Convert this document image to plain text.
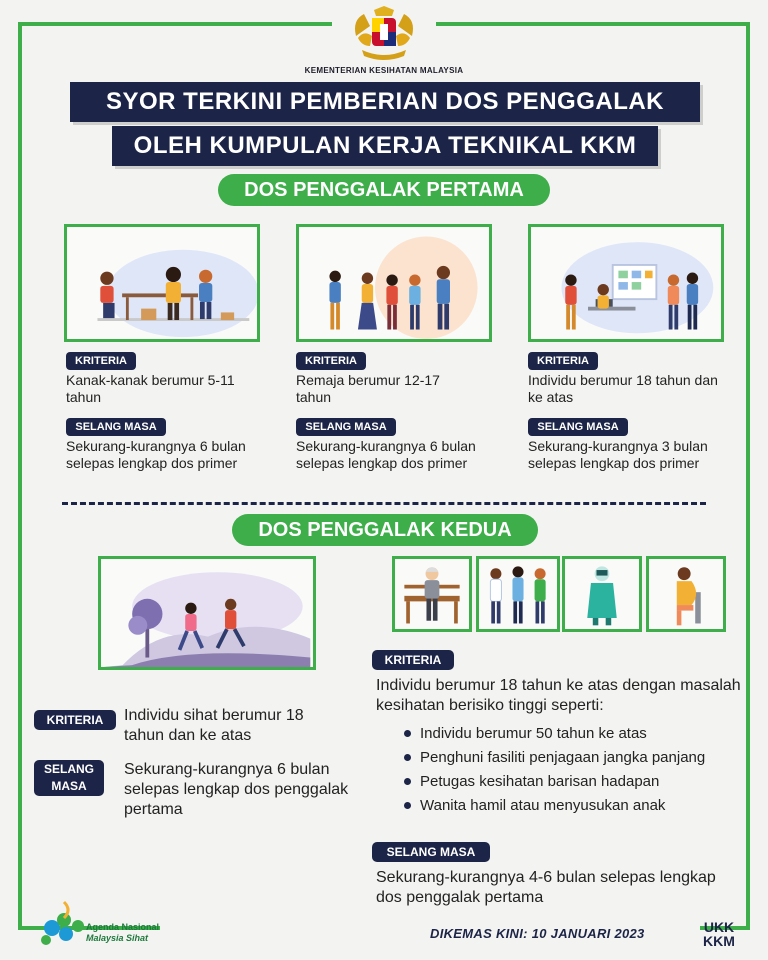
KEMENTERIAN KESIHATAN MALAYSIA
SYOR TERKINI PEMBERIAN DOS PENGGALAK
OLEH KUMPULAN KERJA TEKNIKAL KKM
DOS PENGGALAK PERTAMA
KRITERIA
Kanak-kanak berumur 5-11 tahun
SELANG MASA
Sekurang-kurangnya 6 bulan selepas lengkap dos primer
KRITERIA
Remaja berumur 12-17 tahun
SELANG MASA
Sekurang-kurangnya 6 bulan selepas lengkap dos primer
KRITERIA
Individu berumur 18 tahun dan ke atas
SELANG MASA
Sekurang-kurangnya 3 bulan selepas lengkap dos primer
DOS PENGGALAK KEDUA
KRITERIA	Individu sihat berumur 18 tahun dan ke atas
SELANG
MASA
Sekurang-kurangnya 6 bulan selepas lengkap dos penggalak pertama
KRITERIA
Individu berumur 18 tahun ke atas dengan masalah kesihatan berisiko tinggi seperti:
Individu berumur 50 tahun ke atas
Penghuni fasiliti penjagaan jangka panjang
Petugas kesihatan barisan hadapan
Wanita hamil atau menyusukan anak
SELANG MASA
Sekurang-kurangnya 4-6 bulan selepas lengkap dos penggalak pertama
Agenda Nasional
Malaysia Sihat	DIKEMAS KINI: 10 JANUARI 2023	UKK
KKM
